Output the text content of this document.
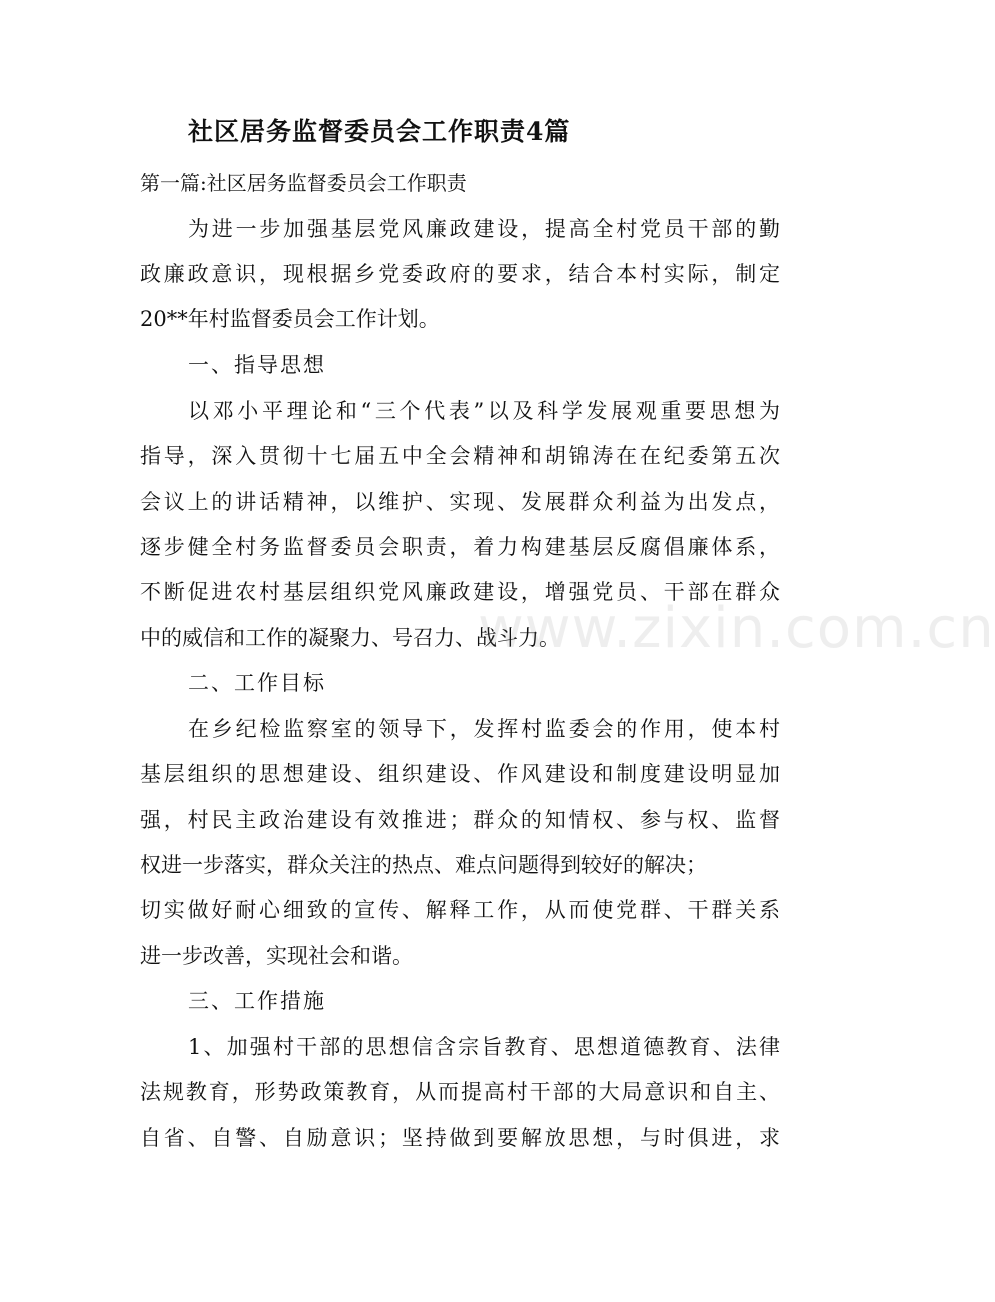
社区居务监督委员会工作职责4篇
第一篇:社区居务监督委员会工作职责
为进一步加强基层党风廉政建设，提高全村党员干部的勤
政廉政意识，现根据乡党委政府的要求，结合本村实际，制定
20**年村监督委员会工作计划。
一、指导思想
以邓小平理论和“三个代表”以及科学发展观重要思想为
指导，深入贯彻十七届五中全会精神和胡锦涛在在纪委第五次
会议上的讲话精神，以维护、实现、发展群众利益为出发点，
逐步健全村务监督委员会职责，着力构建基层反腐倡廉体系，
不断促进农村基层组织党风廉政建设，增强党员、干部在群众
中的威信和工作的凝聚力、号召力、战斗力。
二、工作目标
在乡纪检监察室的领导下，发挥村监委会的作用，使本村
基层组织的思想建设、组织建设、作风建设和制度建设明显加
强，村民主政治建设有效推进；群众的知情权、参与权、监督
权进一步落实，群众关注的热点、难点问题得到较好的解决；
切实做好耐心细致的宣传、解释工作，从而使党群、干群关系
进一步改善，实现社会和谐。
三、工作措施
1、加强村干部的思想信含宗旨教育、思想道德教育、法律
法规教育，形势政策教育，从而提高村干部的大局意识和自主、
自省、自警、自励意识；坚持做到要解放思想，与时俱进，求
www.zixin.com.cn
